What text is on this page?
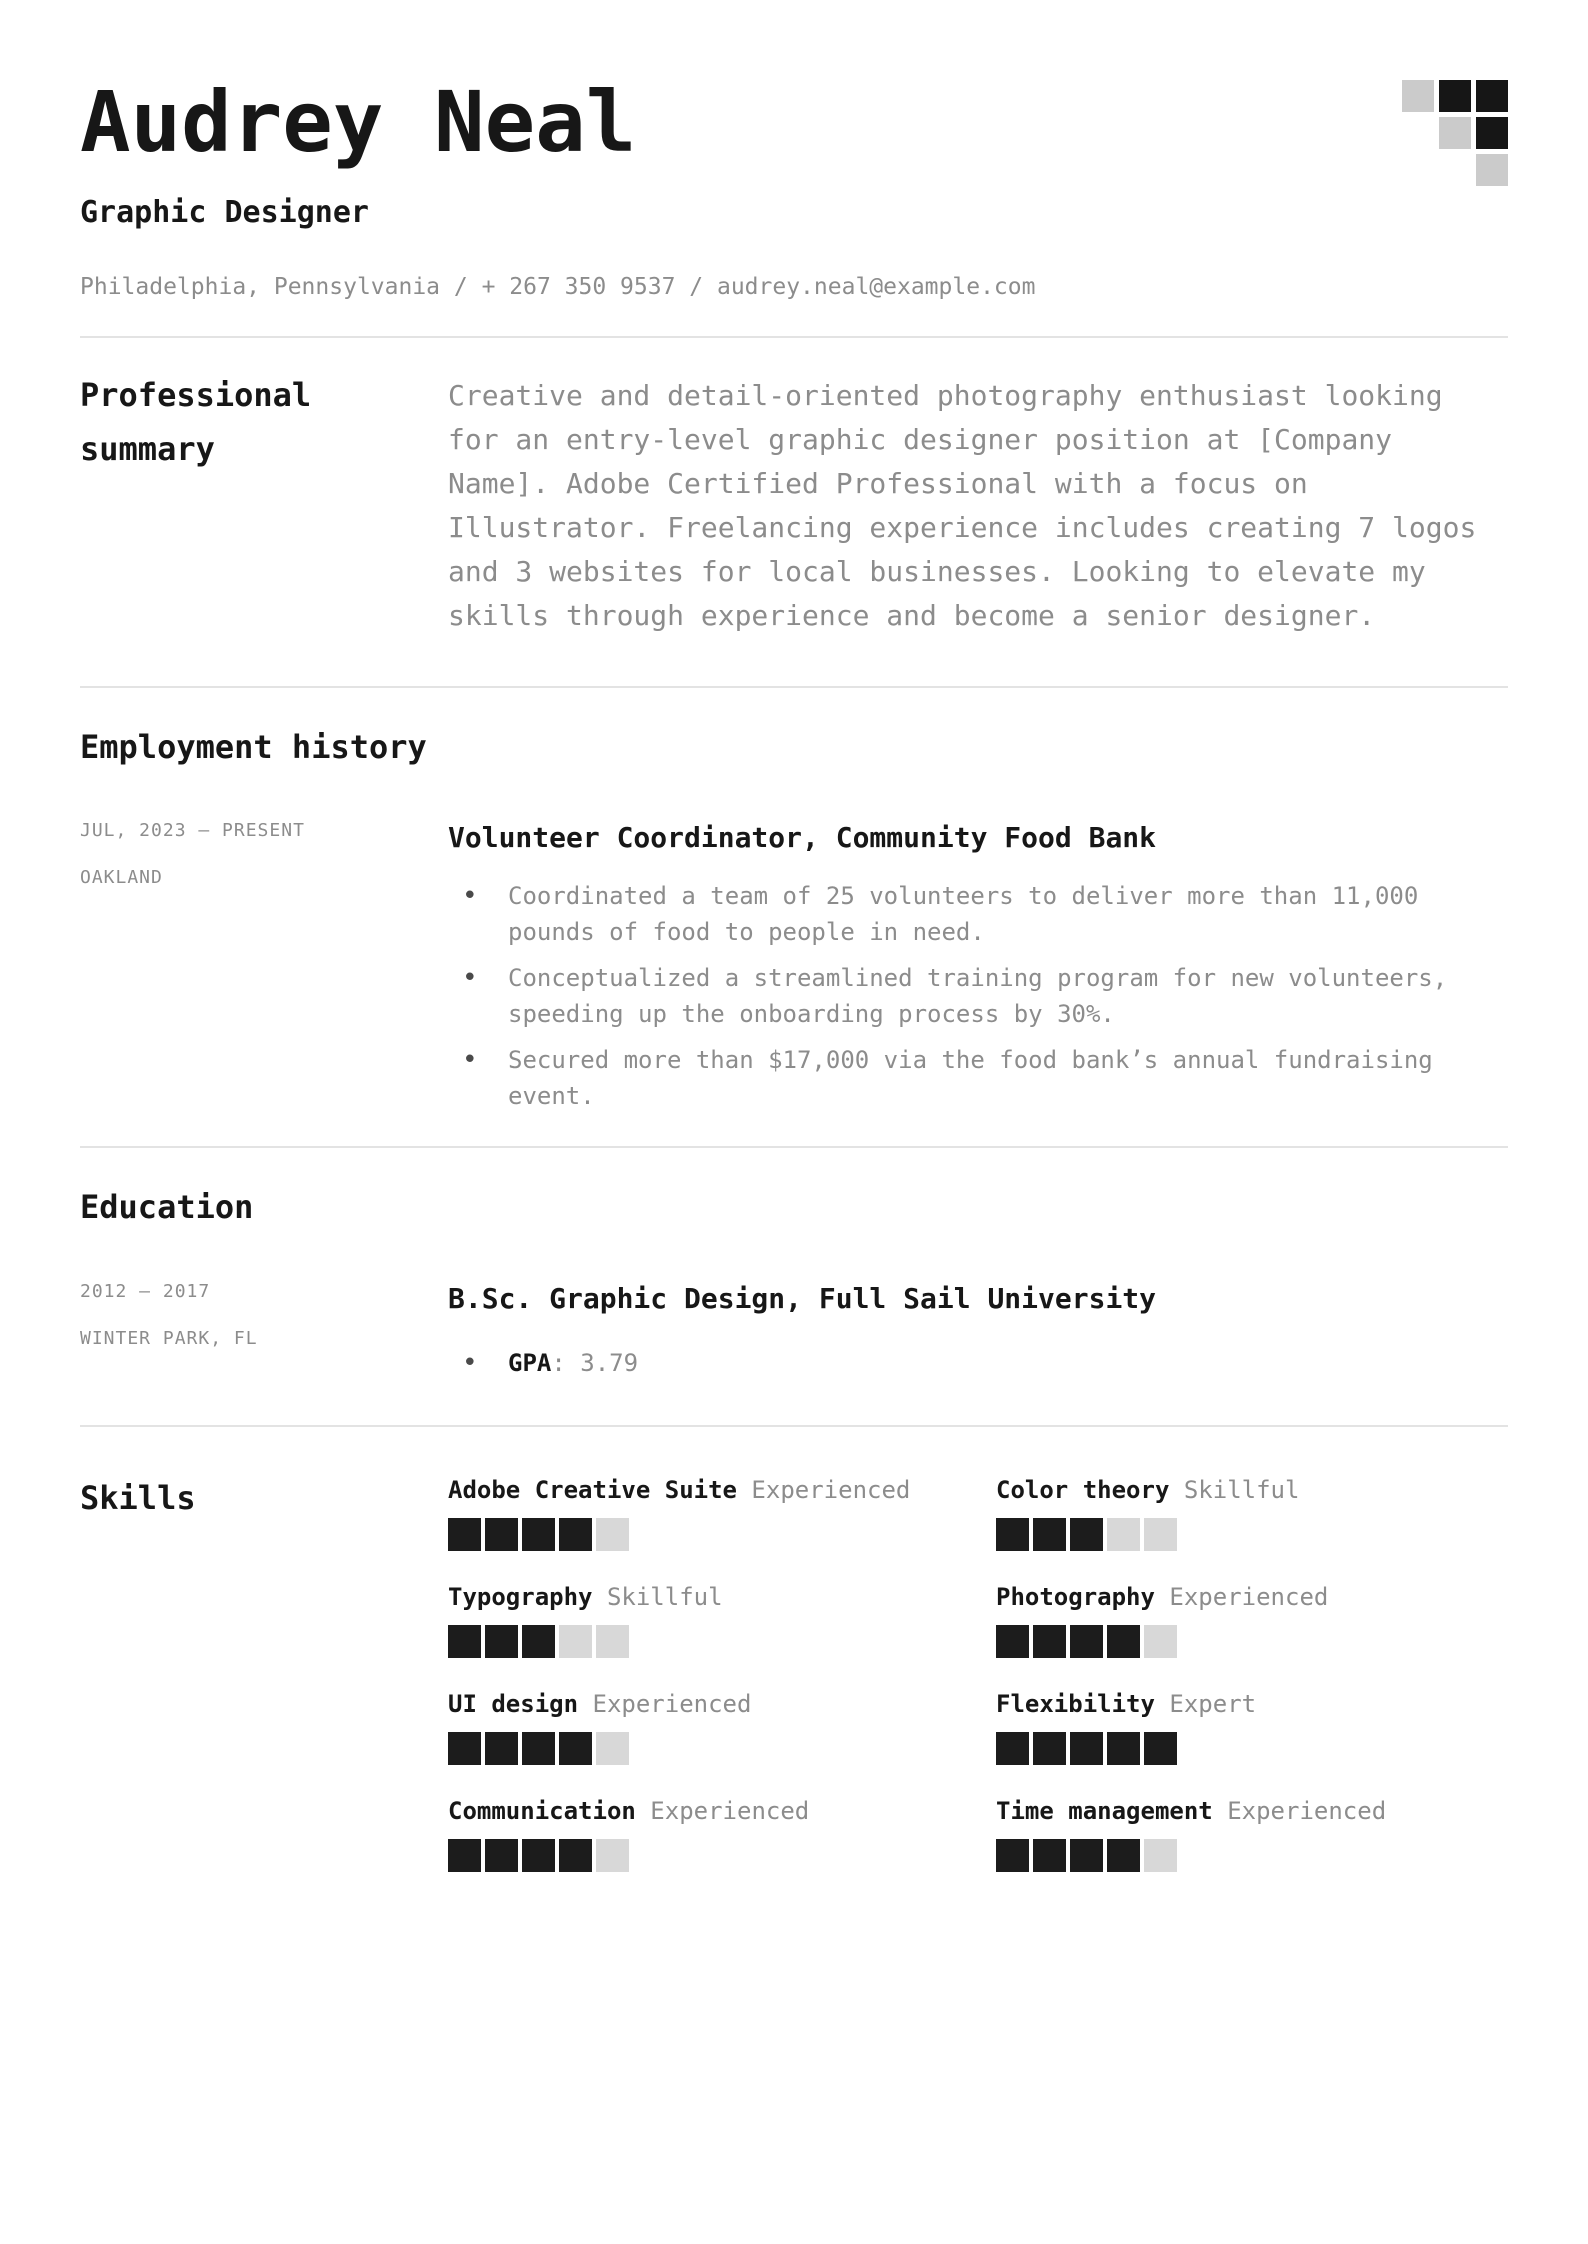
Audrey Neal
Graphic Designer
Philadelphia, Pennsylvania / + 267 350 9537 / audrey.neal@example.com
Professional summary
Creative and detail-oriented photography enthusiast looking for an entry-level graphic designer position at [Company Name]. Adobe Certified Professional with a focus on Illustrator. Freelancing experience includes creating 7 logos and 3 websites for local businesses. Looking to elevate my skills through experience and become a senior designer.
Employment history
JUL, 2023 – PRESENT
OAKLAND
Volunteer Coordinator, Community Food Bank
• Coordinated a team of 25 volunteers to deliver more than 11,000 pounds of food to people in need.
• Conceptualized a streamlined training program for new volunteers, speeding up the onboarding process by 30%.
• Secured more than $17,000 via the food bank’s annual fundraising event.
Education
2012 – 2017
WINTER PARK, FL
B.Sc. Graphic Design, Full Sail University
• GPA: 3.79
Skills	Adobe Creative Suite Experienced	Color theory Skillful
Typography Skillful	Photography Experienced
UI design Experienced	Flexibility Expert
Communication Experienced	Time management Experienced
